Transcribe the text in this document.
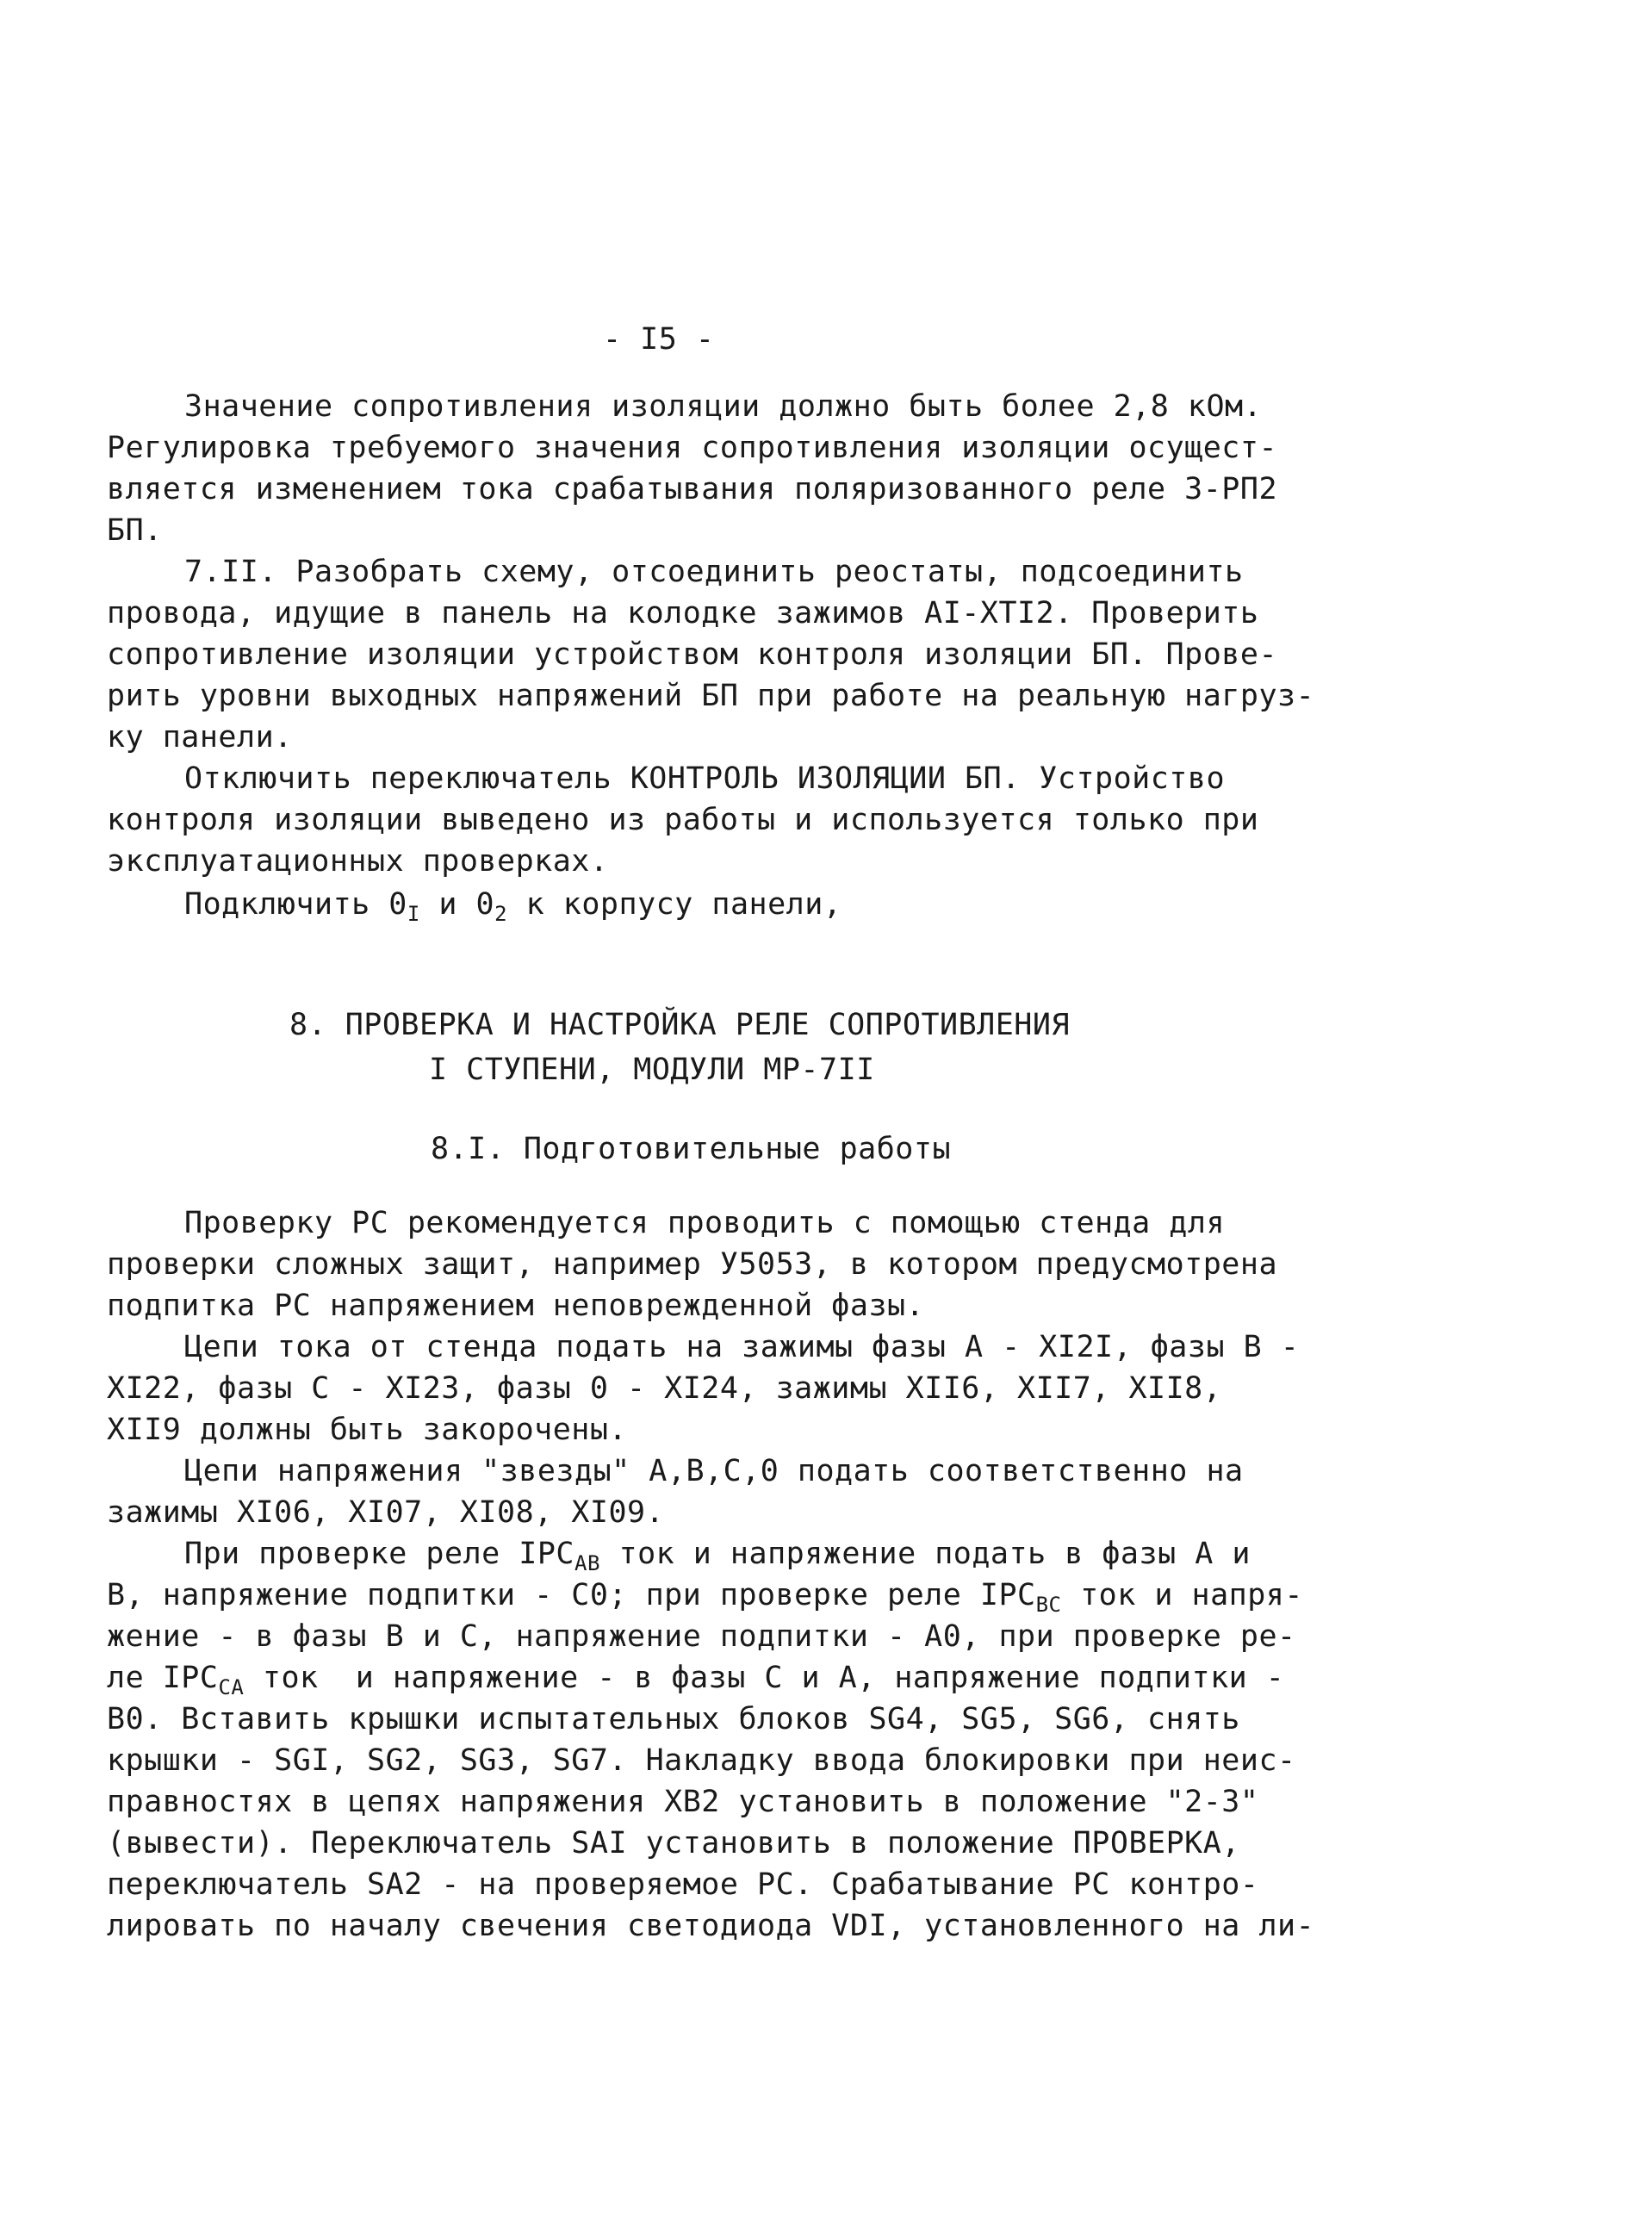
- I5 -
Значение сопротивления изоляции должно быть более 2,8 кОм.
Регулировка требуемого значения сопротивления изоляции осущест-
вляется изменением тока срабатывания поляризованного реле 3-РП2
БП.
7.II. Разобрать схему, отсоединить реостаты, подсоединить
провода, идущие в панель на колодке зажимов AI-XTI2. Проверить
сопротивление изоляции устройством контроля изоляции БП. Прове-
рить уровни выходных напряжений БП при работе на реальную нагруз-
ку панели.
Отключить переключатель КОНТРОЛЬ ИЗОЛЯЦИИ БП. Устройство
контроля изоляции выведено из работы и используется только при
эксплуатационных проверках.
Подключить $0_I$ и $0_2$ к корпусу панели,
8. ПРОВЕРКА И НАСТРОЙКА РЕЛЕ СОПРОТИВЛЕНИЯ
I СТУПЕНИ, МОДУЛИ МР-7II
8.I. Подготовительные работы
Проверку РС рекомендуется проводить с помощью стенда для
проверки сложных защит, например У5053, в котором предусмотрена
подпитка РС напряжением неповрежденной фазы.
Цепи тока от стенда подать на зажимы фазы А - XI2I, фазы В -
XI22, фазы С - XI23, фазы 0 - XI24, зажимы XII6, XII7, XII8,
XII9 должны быть закорочены.
Цепи напряжения "звезды" А,В,С,0 подать соответственно на
зажимы XI06, XI07, XI08, XI09.
При проверке реле $IPC_{AB}$ ток и напряжение подать в фазы А и
В, напряжение подпитки - С0; при проверке реле $IPC_{BC}$ ток и напря-
жение - в фазы В и С, напряжение подпитки - А0, при проверке ре-
ле $IPC_{CA}$ ток  и напряжение - в фазы С и А, напряжение подпитки -
В0. Вставить крышки испытательных блоков SG4, SG5, SG6, снять
крышки - SGI, SG2, SG3, SG7. Накладку ввода блокировки при неис-
правностях в цепях напряжения ХВ2 установить в положение "2-3"
(вывести). Переключатель SAI установить в положение ПРОВЕРКА,
переключатель SA2 - на проверяемое РС. Срабатывание РС контро-
лировать по началу свечения светодиода VDI, установленного на ли-
